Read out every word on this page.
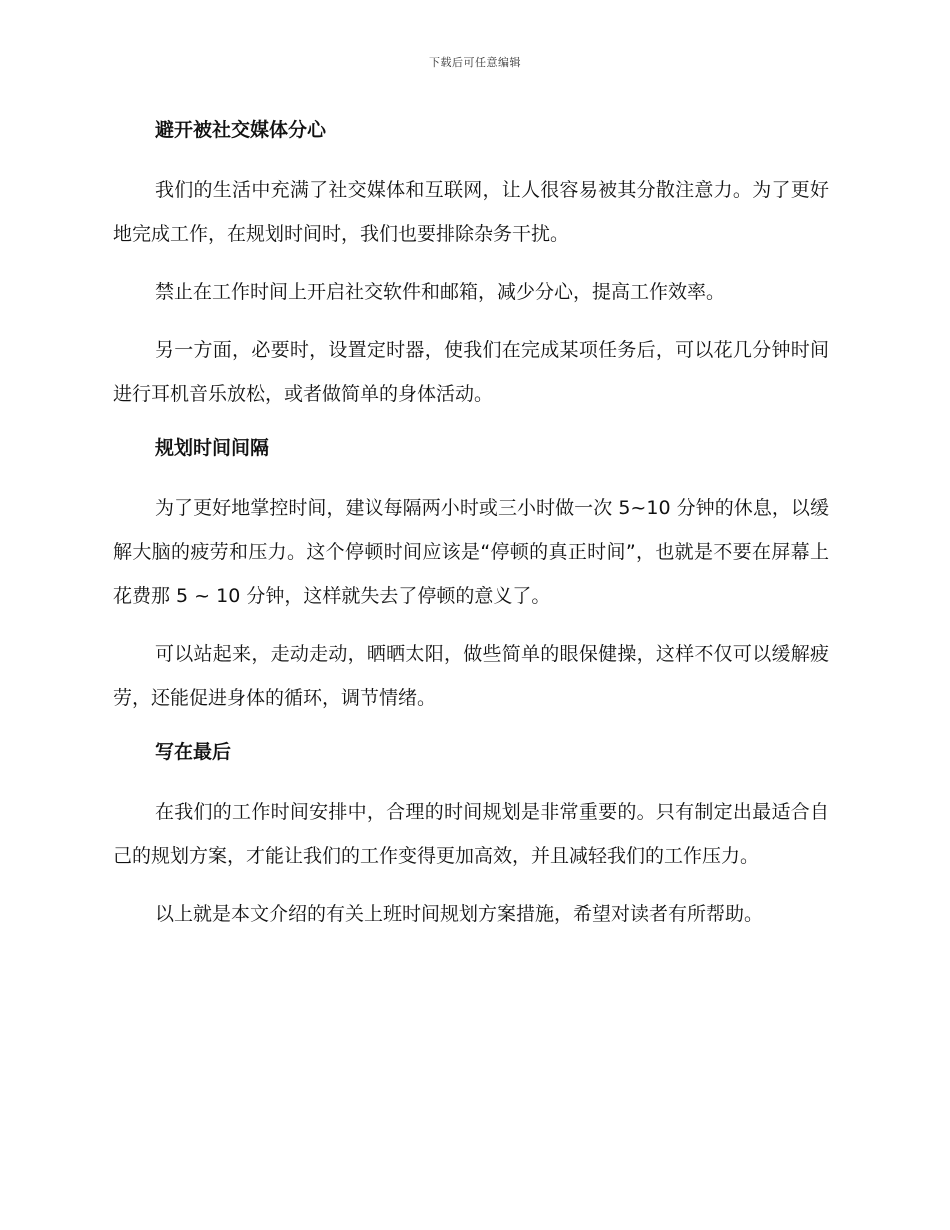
下载后可任意编辑
避开被社交媒体分心

我们的生活中充满了社交媒体和互联网，让人很容易被其分散注意力。为了更好地完成工作，在规划时间时，我们也要排除杂务干扰。

禁止在工作时间上开启社交软件和邮箱，减少分心，提高工作效率。

另一方面，必要时，设置定时器，使我们在完成某项任务后，可以花几分钟时间进行耳机音乐放松，或者做简单的身体活动。

规划时间间隔

为了更好地掌控时间，建议每隔两小时或三小时做一次 5~10 分钟的休息，以缓解大脑的疲劳和压力。这个停顿时间应该是“停顿的真正时间”，也就是不要在屏幕上花费那 5 ~ 10 分钟，这样就失去了停顿的意义了。

可以站起来，走动走动，晒晒太阳，做些简单的眼保健操，这样不仅可以缓解疲劳，还能促进身体的循环，调节情绪。

写在最后

在我们的工作时间安排中，合理的时间规划是非常重要的。只有制定出最适合自己的规划方案，才能让我们的工作变得更加高效，并且减轻我们的工作压力。

以上就是本文介绍的有关上班时间规划方案措施，希望对读者有所帮助。
